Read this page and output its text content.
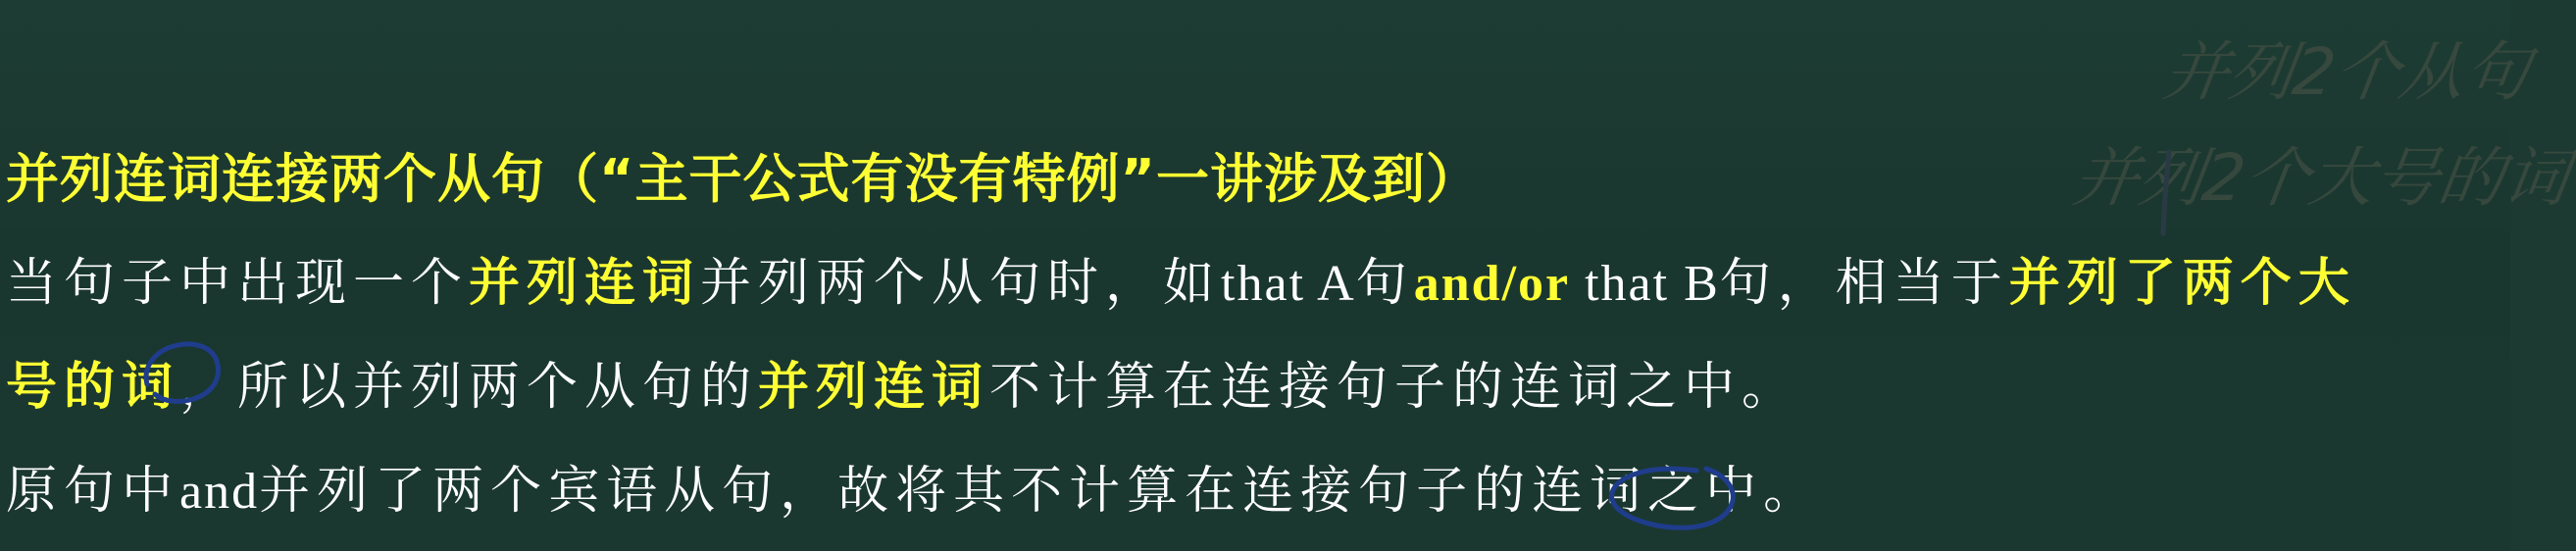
并列2个从句
并列2个大号的词
并列连词连接两个从句（“主干公式有没有特例”一讲涉及到）
当句子中出现一个并列连词并列两个从句时，如that A句and/or that B句，相当于并列了两个大
号的词，所以并列两个从句的并列连词不计算在连接句子的连词之中。
原句中and并列了两个宾语从句，故将其不计算在连接句子的连词之中。
